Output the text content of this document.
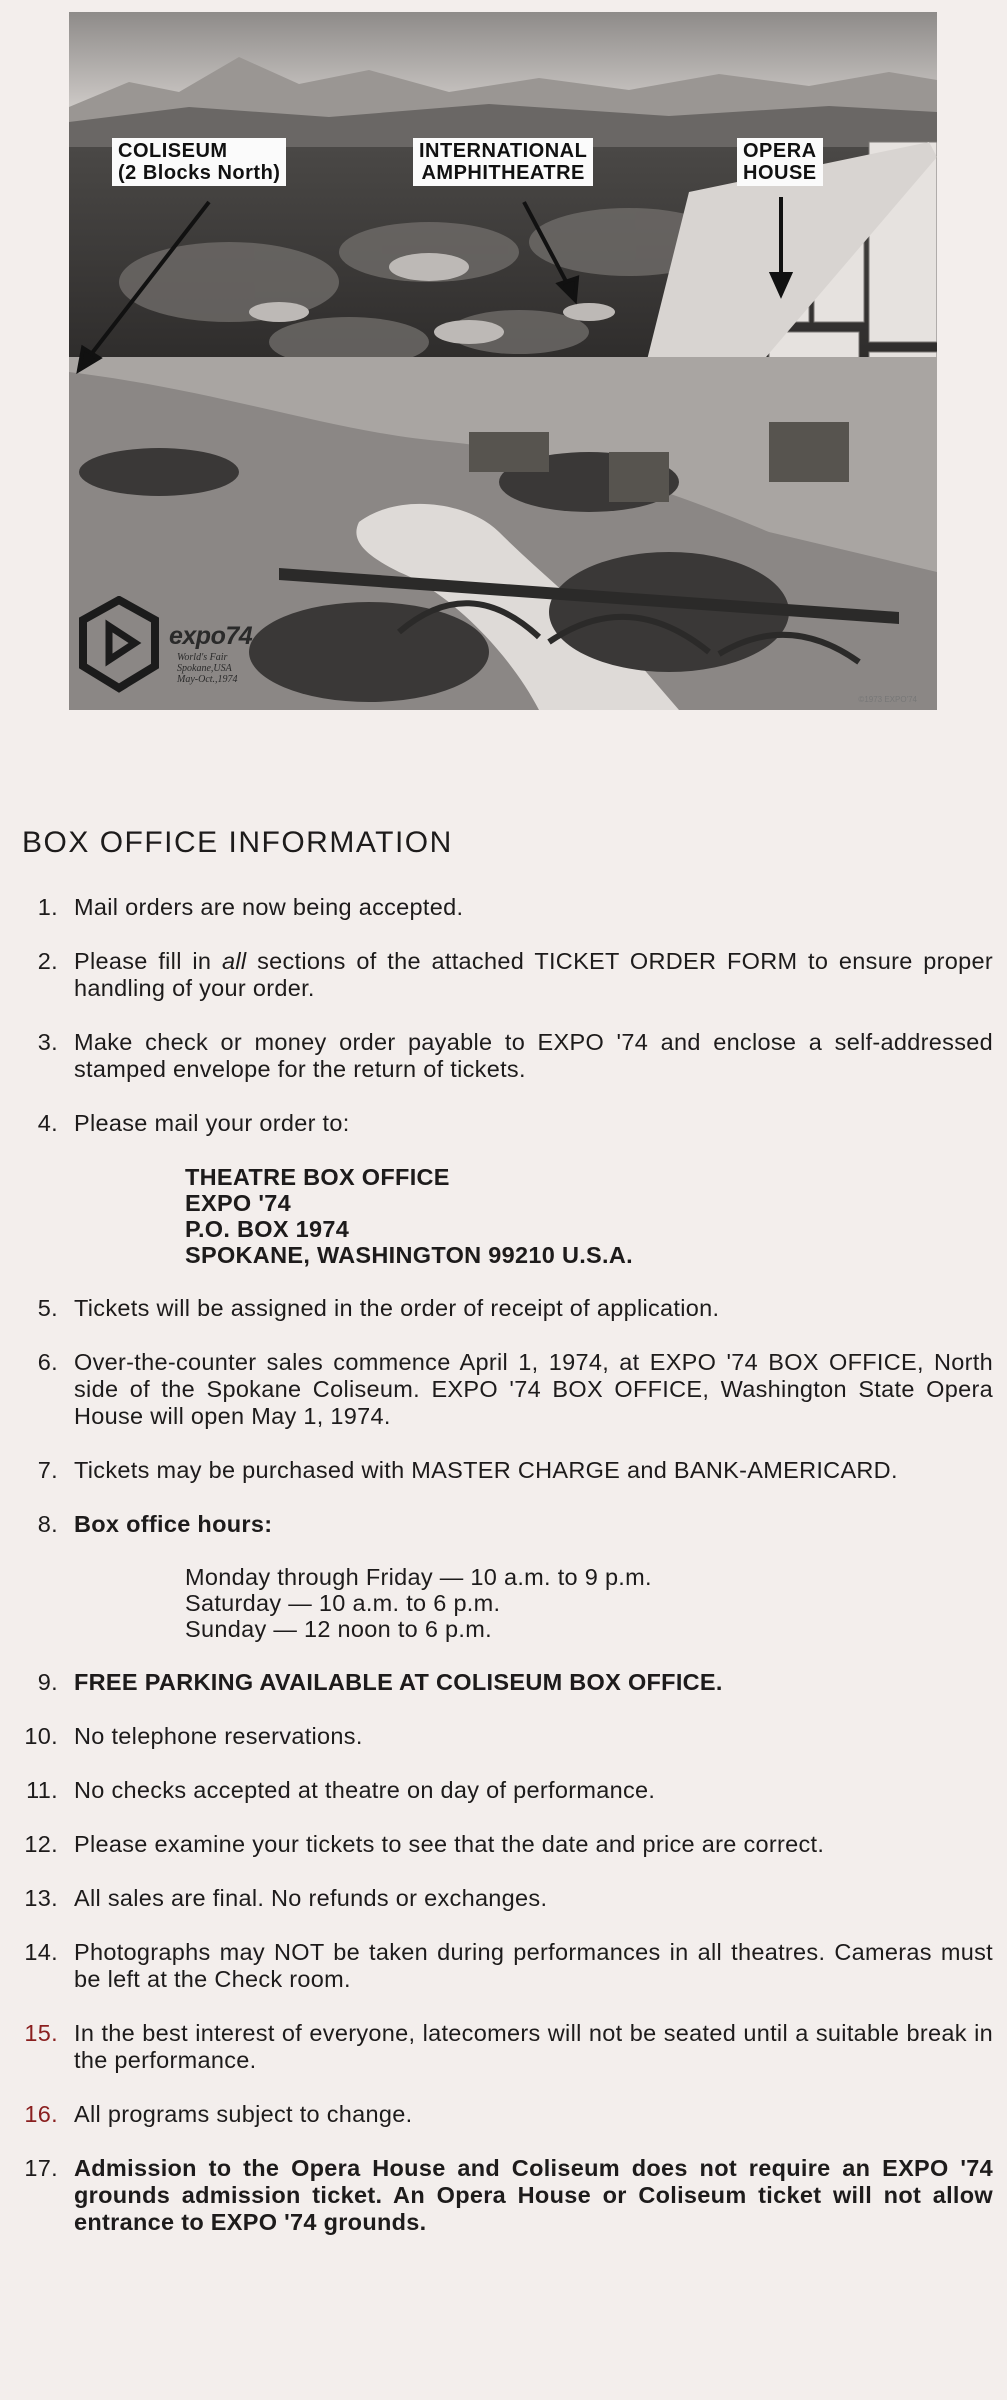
COLISEUM
(2 Blocks North)
INTERNATIONAL
AMPHITHEATRE
OPERA
HOUSE
expo74
World's Fair
Spokane,USA
May-Oct.,1974
©1973 EXPO'74
BOX OFFICE INFORMATION
1. Mail orders are now being accepted.
2. Please fill in all sections of the attached TICKET ORDER FORM to ensure proper handling of your order.
3. Make check or money order payable to EXPO '74 and enclose a self-addressed stamped envelope for the return of tickets.
4. Please mail your order to:
THEATRE BOX OFFICE
EXPO '74
P.O. BOX 1974
SPOKANE, WASHINGTON 99210 U.S.A.
5. Tickets will be assigned in the order of receipt of application.
6. Over-the-counter sales commence April 1, 1974, at EXPO '74 BOX OFFICE, North side of the Spokane Coliseum. EXPO '74 BOX OFFICE, Washington State Opera House will open May 1, 1974.
7. Tickets may be purchased with MASTER CHARGE and BANK-AMERICARD.
8. Box office hours:
Monday through Friday — 10 a.m. to 9 p.m.
Saturday — 10 a.m. to 6 p.m.
Sunday — 12 noon to 6 p.m.
9. FREE PARKING AVAILABLE AT COLISEUM BOX OFFICE.
10. No telephone reservations.
11. No checks accepted at theatre on day of performance.
12. Please examine your tickets to see that the date and price are correct.
13. All sales are final. No refunds or exchanges.
14. Photographs may NOT be taken during performances in all theatres. Cameras must be left at the Check room.
15. In the best interest of everyone, latecomers will not be seated until a suitable break in the performance.
16. All programs subject to change.
17. Admission to the Opera House and Coliseum does not require an EXPO '74 grounds admission ticket. An Opera House or Coliseum ticket will not allow entrance to EXPO '74 grounds.
